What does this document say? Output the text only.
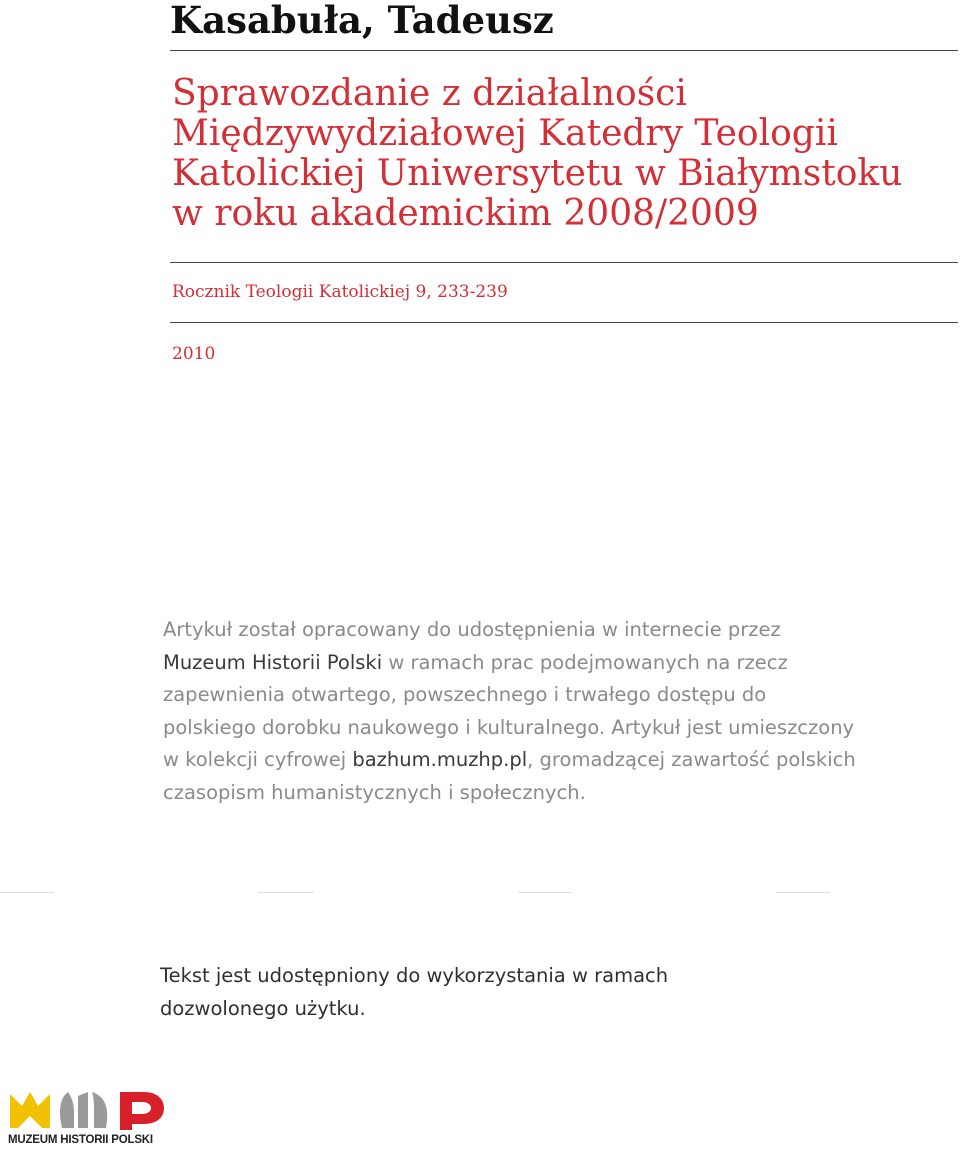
Kasabuła, Tadeusz
Sprawozdanie z działalności
Międzywydziałowej Katedry Teologii
Katolickiej Uniwersytetu w Białymstoku
w roku akademickim 2008/2009
Rocznik Teologii Katolickiej 9, 233-239
2010
Artykuł został opracowany do udostępnienia w internecie przez
Muzeum Historii Polski w ramach prac podejmowanych na rzecz
zapewnienia otwartego, powszechnego i trwałego dostępu do
polskiego dorobku naukowego i kulturalnego. Artykuł jest umieszczony
w kolekcji cyfrowej bazhum.muzhp.pl, gromadzącej zawartość polskich
czasopism humanistycznych i społecznych.
Tekst jest udostępniony do wykorzystania w ramach
dozwolonego użytku.
MUZEUM HISTORII POLSKI
